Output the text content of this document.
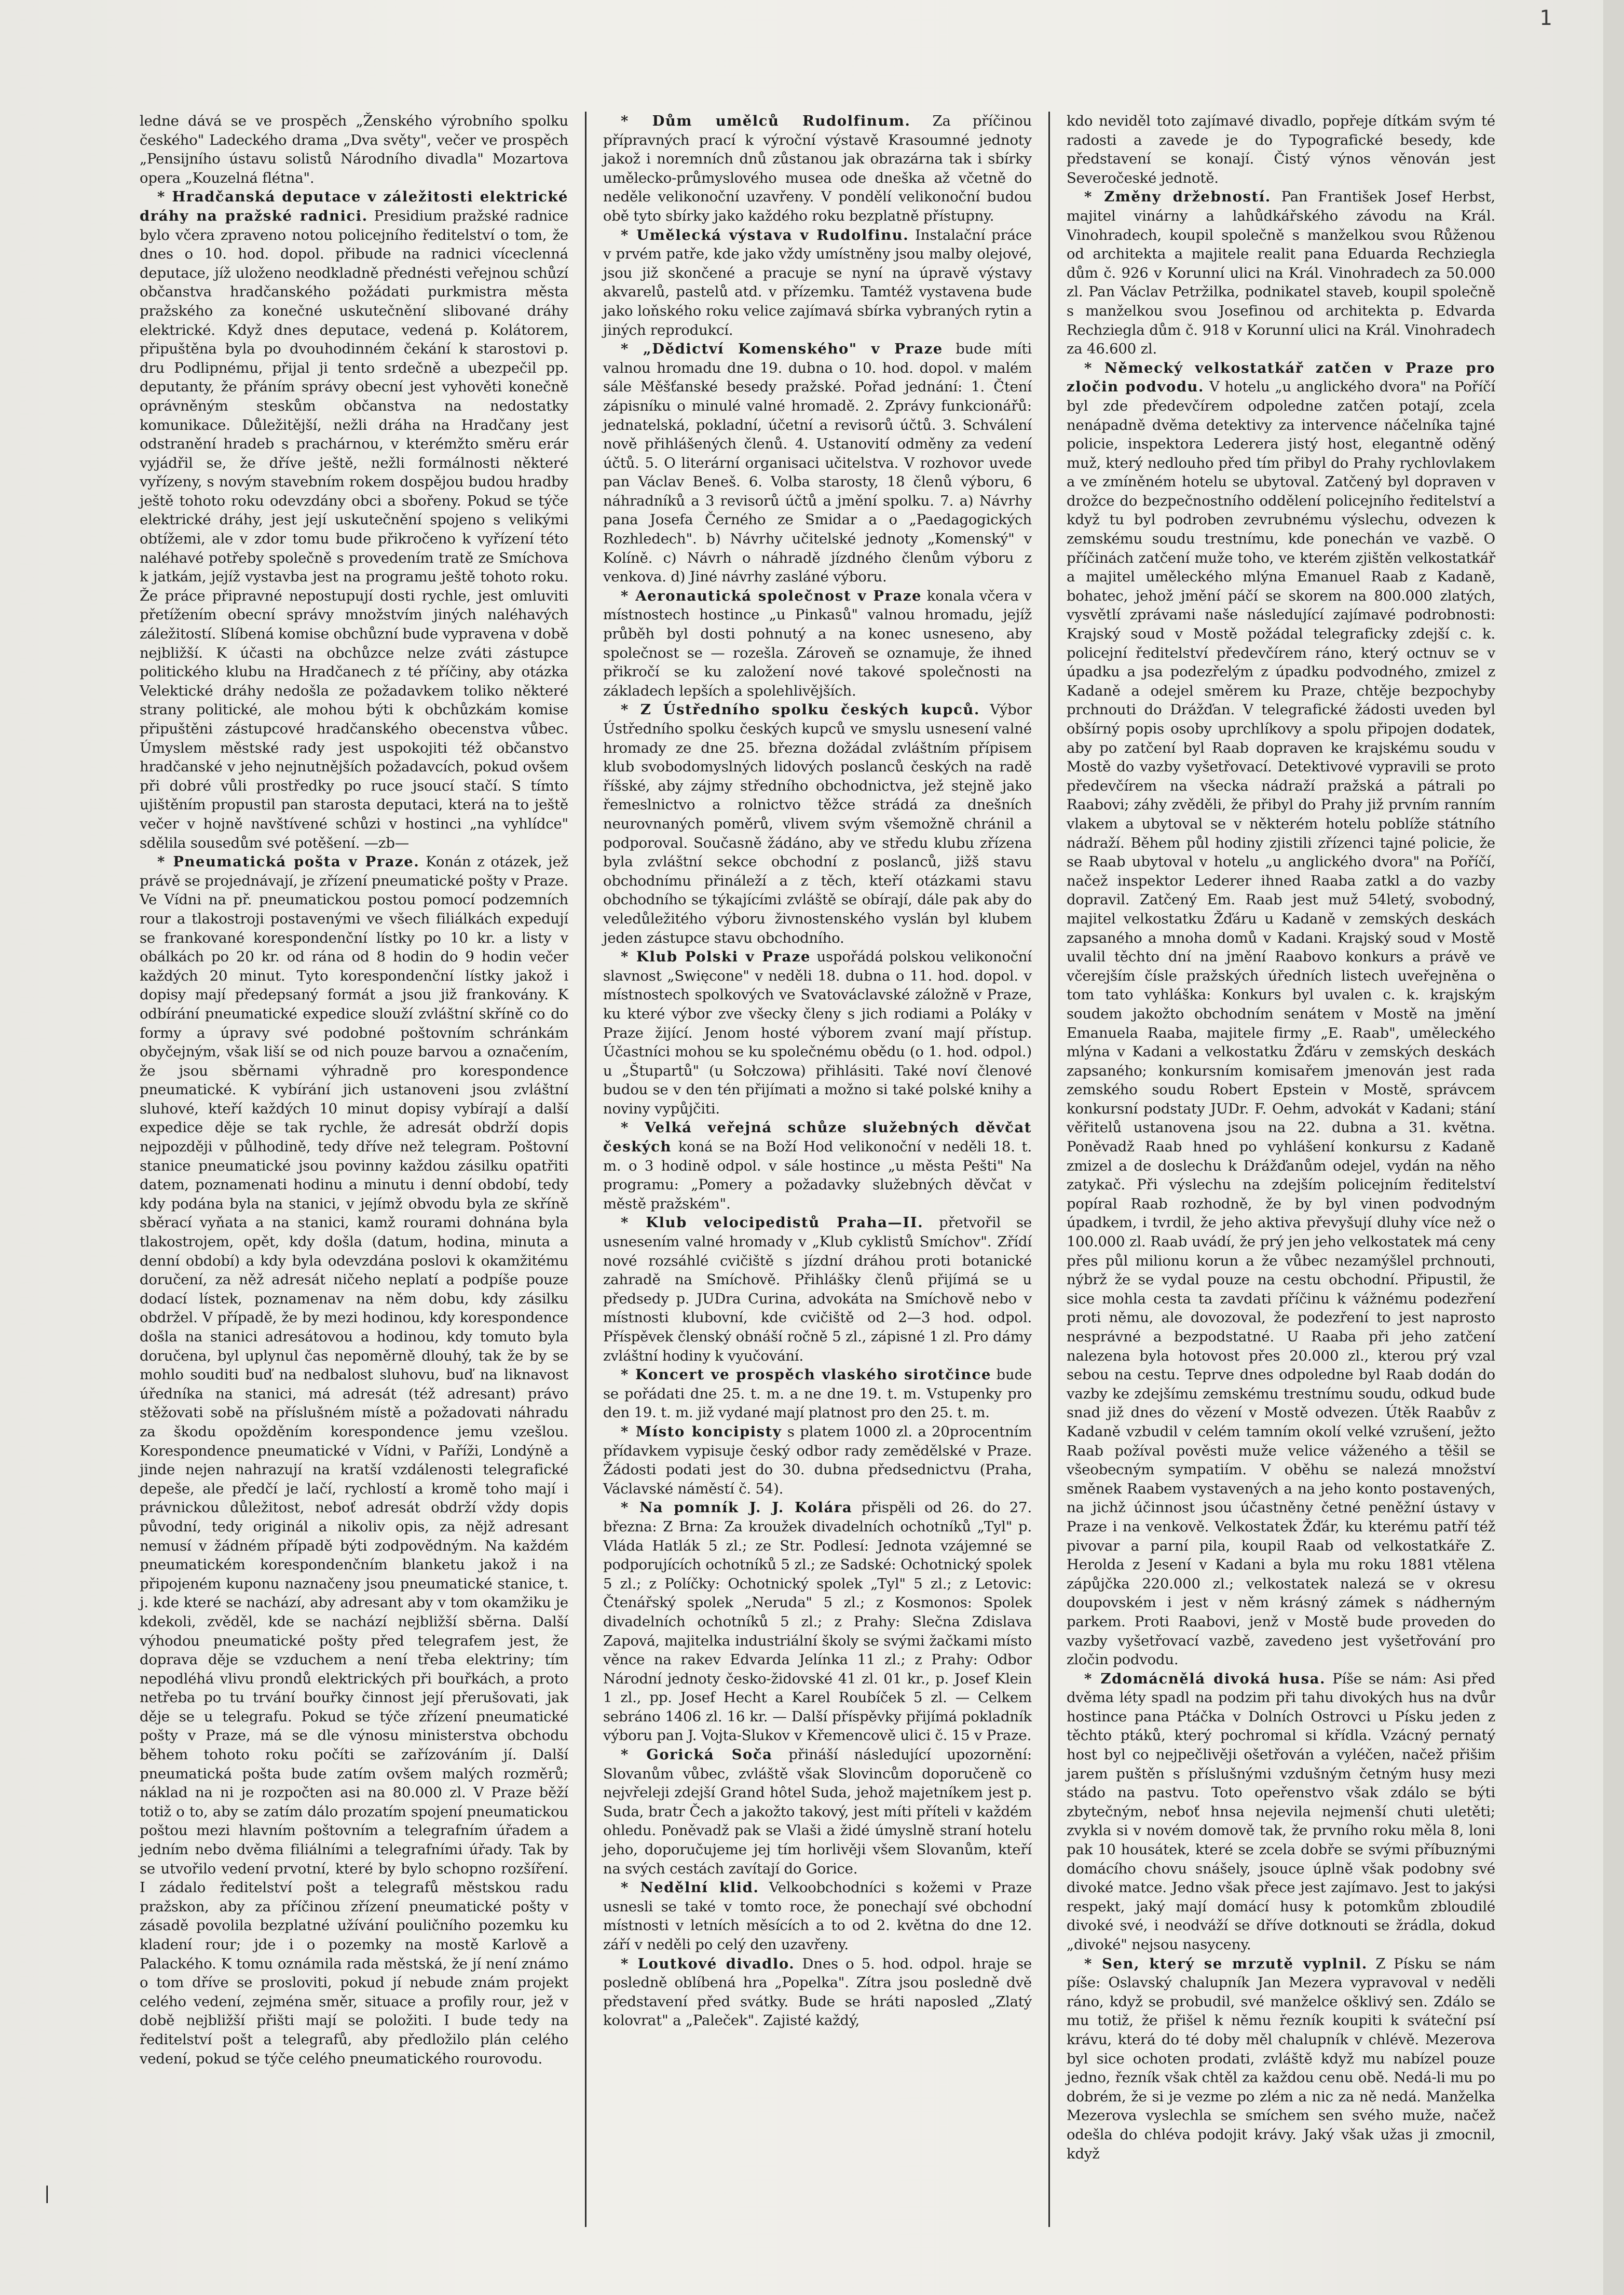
1

ledne dává se ve prospěch „Ženského výrobního spolku českého" Ladeckého drama „Dva světy", večer ve prospěch „Pensijního ústavu solistů Národního divadla" Mozartova opera „Kouzelná flétna".

* Hradčanská deputace v záležitosti elektrické dráhy na pražské radnici. Presidium pražské radnice bylo včera zpraveno notou policejního ředitelství o tom, že dnes o 10. hod. dopol. přibude na radnici víceclenná deputace, jíž uloženo neodkladně přednésti veřejnou schůzí občanstva hradčanského požádati purkmistra města pražského za konečné uskutečnění slibované dráhy elektrické. Když dnes deputace, vedená p. Kolátorem, připuštěna byla po dvouhodinném čekání k starostovi p. dru Podlipnému, přijal ji tento srdečně a ubezpečil pp. deputanty, že přáním správy obecní jest vyhověti konečně oprávněným steskům občanstva na nedostatky komunikace. Důležitější, nežli dráha na Hradčany jest odstranění hradeb s prachárnou, v kterémžto směru erár vyjádřil se, že dříve ještě, nežli formálnosti některé vyřízeny, s novým stavebním rokem dospějou budou hradby ještě tohoto roku odevzdány obci a sbořeny. Pokud se týče elektrické dráhy, jest její uskutečnění spojeno s velikými obtížemi, ale v zdor tomu bude přikročeno k vyřízení této naléhavé potřeby společně s provedením tratě ze Smíchova k jatkám, jejíž vystavba jest na programu ještě tohoto roku. Že práce připravné nepostupují dosti rychle, jest omluviti přetížením obecní správy množstvím jiných naléhavých záležitostí. Slíbená komise obchůzní bude vypravena v době nejbližší. K účasti na obchůzce nelze zváti zástupce politického klubu na Hradčanech z té příčiny, aby otázka Velektické dráhy nedošla ze požadavkem toliko některé strany politické, ale mohou býti k obchůzkám komise připuštěni zástupcové hradčanského obecenstva vůbec. Úmyslem městské rady jest uspokojiti též občanstvo hradčanské v jeho nejnutnějších požadavcích, pokud ovšem při dobré vůli prostředky po ruce jsoucí stačí. S tímto ujištěním propustil pan starosta deputaci, která na to ještě večer v hojně navštívené schůzi v hostinci „na vyhlídce" sdělila sousedům své potěšení. —zb—

* Pneumatická pošta v Praze. Konán z otázek, jež právě se projednávají, je zřízení pneumatické pošty v Praze. Ve Vídni na př. pneumatickou postou pomocí podzemních rour a tlakostroji postavenými ve všech filiálkách expedují se frankované korespondenční lístky po 10 kr. a listy v obálkách po 20 kr. od rána od 8 hodin do 9 hodin večer každých 20 minut. Tyto korespondenční lístky jakož i dopisy mají předepsaný formát a jsou již frankovány. K odbírání pneumatické expedice slouží zvláštní skříně co do formy a úpravy své podobné poštovním schránkám obyčejným, však liší se od nich pouze barvou a označením, že jsou sběrnami výhradně pro korespondence pneumatické. K vybírání jich ustanoveni jsou zvláštní sluhové, kteří každých 10 minut dopisy vybírají a další expedice děje se tak rychle, že adresát obdrží dopis nejpozději v půlhodině, tedy dříve než telegram. Poštovní stanice pneumatické jsou povinny každou zásilku opatřiti datem, poznamenati hodinu a minutu i denní období, tedy kdy podána byla na stanici, v jejímž obvodu byla ze skříně sběrací vyňata a na stanici, kamž rourami dohnána byla tlakostrojem, opět, kdy došla (datum, hodina, minuta a denní období) a kdy byla odevzdána poslovi k okamžitému doručení, za něž adresát ničeho neplatí a podpíše pouze dodací lístek, poznamenav na něm dobu, kdy zásilku obdržel. V případě, že by mezi hodinou, kdy korespondence došla na stanici adresátovou a hodinou, kdy tomuto byla doručena, byl uplynul čas nepoměrně dlouhý, tak že by se mohlo souditi buď na nedbalost sluhovu, buď na liknavost úředníka na stanici, má adresát (též adresant) právo stěžovati sobě na příslušném místě a požadovati náhradu za škodu opožděním korespondence jemu vzešlou. Korespondence pneumatické v Vídni, v Paříži, Londýně a jinde nejen nahrazují na kratší vzdálenosti telegrafické depeše, ale předčí je lačí, rychlostí a kromě toho mají i právnickou důležitost, neboť adresát obdrží vždy dopis původní, tedy originál a nikoliv opis, za nějž adresant nemusí v žádném případě býti zodpovědným. Na každém pneumatickém korespondenčním blanketu jakož i na připojeném kuponu naznačeny jsou pneumatické stanice, t. j. kde které se nachází, aby adresant aby v tom okamžiku je kdekoli, zvěděl, kde se nachází nejbližší sběrna. Další výhodou pneumatické pošty před telegrafem jest, že doprava děje se vzduchem a není třeba elektriny; tím nepodléhá vlivu prondů elektrických při bouřkách, a proto netřeba po tu trvání bouřky činnost její přerušovati, jak děje se u telegrafu. Pokud se týče zřízení pneumatické pošty v Praze, má se dle výnosu ministerstva obchodu během tohoto roku počíti se zařízováním jí. Další pneumatická pošta bude zatím ovšem malých rozměrů; náklad na ni je rozpočten asi na 80.000 zl. V Praze běží totiž o to, aby se zatím dálo prozatím spojení pneumatickou poštou mezi hlavním poštovním a telegrafním úřadem a jedním nebo dvěma filiálními a telegrafními úřady. Tak by se utvořilo vedení prvotní, které by bylo schopno rozšíření. I zádalo ředitelství pošt a telegrafů městskou radu pražskon, aby za příčinou zřízení pneumatické pošty v zásadě povolila bezplatné užívání pouličního pozemku ku kladení rour; jde i o pozemky na mostě Karlově a Palackého. K tomu oznámila rada městská, že jí není známo o tom dříve se prosloviti, pokud jí nebude znám projekt celého vedení, zejména směr, situace a profily rour, jež v době nejbližší přišti mají se položiti. I bude tedy na ředitelství pošt a telegrafů, aby předložilo plán celého vedení, pokud se týče celého pneumatického rourovodu.

* Dům umělců Rudolfinum. Za příčinou přípravných prací k výroční výstavě Krasoumné jednoty jakož i noremních dnů zůstanou jak obrazárna tak i sbírky umělecko-průmyslového musea ode dneška až včetně do neděle velikonoční uzavřeny. V pondělí velikonoční budou obě tyto sbírky jako každého roku bezplatně přístupny.

* Umělecká výstava v Rudolfinu. Instalační práce v prvém patře, kde jako vždy umístněny jsou malby olejové, jsou již skončené a pracuje se nyní na úpravě výstavy akvarelů, pastelů atd. v přízemku. Tamtéž vystavena bude jako loňského roku velice zajímavá sbírka vybraných rytin a jiných reprodukcí.

* „Dědictví Komenského" v Praze bude míti valnou hromadu dne 19. dubna o 10. hod. dopol. v malém sále Měšťanské besedy pražské. Pořad jednání: 1. Čtení zápisníku o minulé valné hromadě. 2. Zprávy funkcionářů: jednatelská, pokladní, účetní a revisorů účtů. 3. Schválení nově přihlášených členů. 4. Ustanovití odměny za vedení účtů. 5. O literární organisaci učitelstva. V rozhovor uvede pan Václav Beneš. 6. Volba starosty, 18 členů výboru, 6 náhradníků a 3 revisorů účtů a jmění spolku. 7. a) Návrhy pana Josefa Černého ze Smidar a o „Paedagogických Rozhledech". b) Návrhy učitelské jednoty „Komenský" v Kolíně. c) Návrh o náhradě jízdného členům výboru z venkova. d) Jiné návrhy zasláné výboru.

* Aeronautická společnost v Praze konala včera v místnostech hostince „u Pinkasů" valnou hromadu, jejíž průběh byl dosti pohnutý a na konec usneseno, aby společnost se — rozešla. Zároveň se oznamuje, že ihned přikročí se ku založení nové takové společnosti na základech lepších a spolehlivějších.

* Z Ústředního spolku českých kupců. Výbor Ústředního spolku českých kupců ve smyslu usnesení valné hromady ze dne 25. března dožádal zvláštním přípisem klub svobodomyslných lidových poslanců českých na radě říšské, aby zájmy středního obchodnictva, jež stejně jako řemeslnictvo a rolnictvo těžce strádá za dnešních neurovnaných poměrů, vlivem svým všemožně chránil a podporoval. Současně žádáno, aby ve středu klubu zřízena byla zvláštní sekce obchodní z poslanců, jižš stavu obchodnímu přináleží a z těch, kteří otázkami stavu obchodního se týkajícími zvláště se obírají, dále pak aby do veledůležitého výboru živnostenského vyslán byl klubem jeden zástupce stavu obchodního.

* Klub Polski v Praze uspořádá polskou velikonoční slavnost „Swięcone" v neděli 18. dubna o 11. hod. dopol. v místnostech spolkových ve Svatováclavské záložně v Praze, ku které výbor zve všecky členy s jich rodiami a Poláky v Praze žijící. Jenom hosté výborem zvaní mají přístup. Účastníci mohou se ku společnému obědu (o 1. hod. odpol.) u „Štupartů" (u Sołczowa) přihlásiti. Také noví členové budou se v den tén přijímati a možno si také polské knihy a noviny vypůjčiti.

* Velká veřejná schůze služebných děvčat českých koná se na Boží Hod velikonoční v neděli 18. t. m. o 3 hodině odpol. v sále hostince „u města Pešti" Na programu: „Pomery a požadavky služebných děvčat v městě pražském".

* Klub velocipedistů Praha—II. přetvořil se usnesením valné hromady v „Klub cyklistů Smíchov". Zřídí nové rozsáhlé cvičiště s jízdní dráhou proti botanické zahradě na Smíchově. Přihlášky členů přijímá se u předsedy p. JUDra Curina, advokáta na Smíchově nebo v místnosti klubovní, kde cvičiště od 2—3 hod. odpol. Příspěvek členský obnáší ročně 5 zl., zápisné 1 zl. Pro dámy zvláštní hodiny k vyučování.

* Koncert ve prospěch vlaského sirotčince bude se pořádati dne 25. t. m. a ne dne 19. t. m. Vstupenky pro den 19. t. m. již vydané mají platnost pro den 25. t. m.

* Místo koncipisty s platem 1000 zl. a 20procentním přídavkem vypisuje český odbor rady zemědělské v Praze. Žádosti podati jest do 30. dubna předsednictvu (Praha, Václavské náměstí č. 54).

* Na pomník J. J. Kolára přispěli od 26. do 27. března: Z Brna: Za kroužek divadelních ochotníků „Tyl" p. Vláda Hatlák 5 zl.; ze Str. Podlesí: Jednota vzájemné se podporujících ochotníků 5 zl.; ze Sadské: Ochotnický spolek 5 zl.; z Políčky: Ochotnický spolek „Tyl" 5 zl.; z Letovic: Čtenářský spolek „Neruda" 5 zl.; z Kosmonos: Spolek divadelních ochotníků 5 zl.; z Prahy: Slečna Zdislava Zapová, majitelka industriální školy se svými žačkami místo věnce na rakev Edvarda Jelínka 11 zl.; z Prahy: Odbor Národní jednoty česko-židovské 41 zl. 01 kr., p. Josef Klein 1 zl., pp. Josef Hecht a Karel Roubíček 5 zl. — Celkem sebráno 1406 zl. 16 kr. — Další příspěvky přijímá pokladník výboru pan J. Vojta-Slukov v Křemencově ulici č. 15 v Praze.

* Gorická Soča přináší následující upozornění: Slovanům vůbec, zvláště však Slovincům doporučeně co nejvřeleji zdejší Grand hôtel Suda, jehož majetníkem jest p. Suda, bratr Čech a jakožto takový, jest míti příteli v každém ohledu. Poněvadž pak se Vlaši a židé úmyslně straní hotelu jeho, doporučujeme jej tím horlivěji všem Slovanům, kteří na svých cestách zavítají do Gorice.

* Nedělní klid. Velkoobchodníci s kožemi v Praze usnesli se také v tomto roce, že ponechají své obchodní místnosti v letních měsících a to od 2. května do dne 12. září v neděli po celý den uzavřeny.

* Loutkové divadlo. Dnes o 5. hod. odpol. hraje se posledně oblíbená hra „Popelka". Zítra jsou posledně dvě představení před svátky. Bude se hráti naposled „Zlatý kolovrat" a „Paleček". Zajisté každý,

kdo neviděl toto zajímavé divadlo, popřeje dítkám svým té radosti a zavede je do Typografické besedy, kde představení se konají. Čistý výnos věnován jest Severočeské jednotě.

* Změny držebností. Pan František Josef Herbst, majitel vinárny a lahůdkářského závodu na Král. Vinohradech, koupil společně s manželkou svou Růženou od architekta a majitele realit pana Eduarda Rechziegla dům č. 926 v Korunní ulici na Král. Vinohradech za 50.000 zl. Pan Václav Petržilka, podnikatel staveb, koupil společně s manželkou svou Josefinou od architekta p. Edvarda Rechziegla dům č. 918 v Korunní ulici na Král. Vinohradech za 46.600 zl.

* Německý velkostatkář zatčen v Praze pro zločin podvodu. V hotelu „u anglického dvora" na Poříčí byl zde předevčírem odpoledne zatčen potají, zcela nenápadně dvěma detektivy za intervence náčelníka tajné policie, inspektora Lederera jistý host, elegantně oděný muž, který nedlouho před tím přibyl do Prahy rychlovlakem a ve zmíněném hotelu se ubytoval. Zatčený byl dopraven v drožce do bezpečnostního oddělení policejního ředitelství a když tu byl podroben zevrubnému výslechu, odvezen k zemskému soudu trestnímu, kde ponechán ve vazbě. O příčinách zatčení muže toho, ve kterém zjištěn velkostatkář a majitel uměleckého mlýna Emanuel Raab z Kadaně, bohatec, jehož jmění páčí se skorem na 800.000 zlatých, vysvětlí zprávami naše následující zajímavé podrobnosti: Krajský soud v Mostě požádal telegraficky zdejší c. k. policejní ředitelství předevčírem ráno, který octnuv se v úpadku a jsa podezřelým z úpadku podvodného, zmizel z Kadaně a odejel směrem ku Praze, chtěje bezpochyby prchnouti do Drážďan. V telegrafické žádosti uveden byl obšírný popis osoby uprchlíkovy a spolu připojen dodatek, aby po zatčení byl Raab dopraven ke krajskému soudu v Mostě do vazby vyšetřovací. Detektivové vypravili se proto předevčírem na všecka nádraží pražská a pátrali po Raabovi; záhy zvěděli, že přibyl do Prahy již prvním ranním vlakem a ubytoval se v některém hotelu poblíže státního nádraží. Během půl hodiny zjistili zřízenci tajné policie, že se Raab ubytoval v hotelu „u anglického dvora" na Poříčí, načež inspektor Lederer ihned Raaba zatkl a do vazby dopravil. Zatčený Em. Raab jest muž 54letý, svobodný, majitel velkostatku Žďáru u Kadaně v zemských deskách zapsaného a mnoha domů v Kadani. Krajský soud v Mostě uvalil těchto dní na jmění Raabovo konkurs a právě ve včerejším čísle pražských úředních listech uveřejněna o tom tato vyhláška: Konkurs byl uvalen c. k. krajským soudem jakožto obchodním senátem v Mostě na jmění Emanuela Raaba, majitele firmy „E. Raab", uměleckého mlýna v Kadani a velkostatku Žďáru v zemských deskách zapsaného; konkursním komisařem jmenován jest rada zemského soudu Robert Epstein v Mostě, správcem konkursní podstaty JUDr. F. Oehm, advokát v Kadani; stání věřitelů ustanovena jsou na 22. dubna a 31. května. Poněvadž Raab hned po vyhlášení konkursu z Kadaně zmizel a de doslechu k Drážďanům odejel, vydán na něho zatykač. Při výslechu na zdejším policejním ředitelství popíral Raab rozhodně, že by byl vinen podvodným úpadkem, i tvrdil, že jeho aktiva převyšují dluhy více než o 100.000 zl. Raab uvádí, že prý jen jeho velkostatek má ceny přes půl milionu korun a že vůbec nezamýšlel prchnouti, nýbrž že se vydal pouze na cestu obchodní. Připustil, že sice mohla cesta ta zavdati příčinu k vážnému podezření proti němu, ale dovozoval, že podezření to jest naprosto nesprávné a bezpodstatné. U Raaba při jeho zatčení nalezena byla hotovost přes 20.000 zl., kterou prý vzal sebou na cestu. Teprve dnes odpoledne byl Raab dodán do vazby ke zdejšímu zemskému trestnímu soudu, odkud bude snad již dnes do vězení v Mostě odvezen. Útěk Raabův z Kadaně vzbudil v celém tamním okolí velké vzrušení, ježto Raab požíval pověsti muže velice váženého a těšil se všeobecným sympatiím. V oběhu se nalezá množství směnek Raabem vystavených a na jeho konto postavených, na jichž účinnost jsou účastněny četné peněžní ústavy v Praze i na venkově. Velkostatek Žďár, ku kterému patří též pivovar a parní pila, koupil Raab od velkostatkáře Z. Herolda z Jesení v Kadani a byla mu roku 1881 vtělena zápůjčka 220.000 zl.; velkostatek nalezá se v okresu doupovském i jest v něm krásný zámek s nádherným parkem. Proti Raabovi, jenž v Mostě bude proveden do vazby vyšetřovací vazbě, zavedeno jest vyšetřování pro zločin podvodu.

* Zdomácnělá divoká husa. Píše se nám: Asi před dvěma léty spadl na podzim při tahu divokých hus na dvůr hostince pana Ptáčka v Dolních Ostrovci u Písku jeden z těchto ptáků, který pochromal si křídla. Vzácný pernatý host byl co nejpečlivěji ošetřován a vyléčen, načež přišim jarem puštěn s příslušnými vzdušným četným husy mezi stádo na pastvu. Toto opeřenstvo však zdálo se býti zbytečným, neboť hnsa nejevila nejmenší chuti uletěti; zvykla si v novém domově tak, že prvního roku měla 8, loni pak 10 housátek, které se zcela dobře se svými příbuznými domácího chovu snášely, jsouce úplně však podobny své divoké matce. Jedno však přece jest zajímavo. Jest to jakýsi respekt, jaký mají domácí husy k potomkům zbloudilé divoké své, i neodváží se dříve dotknouti se žrádla, dokud „divoké" nejsou nasyceny.

* Sen, který se mrzutě vyplnil. Z Písku se nám píše: Oslavský chalupník Jan Mezera vypravoval v neděli ráno, když se probudil, své manželce ošklivý sen. Zdálo se mu totiž, že přišel k němu řezník koupiti k sváteční psí krávu, která do té doby měl chalupník v chlévě. Mezerova byl sice ochoten prodati, zvláště když mu nabízel pouze jedno, řezník však chtěl za každou cenu obě. Nedá-li mu po dobrém, že si je vezme po zlém a nic za ně nedá. Manželka Mezerova vyslechla se smíchem sen svého muže, načež odešla do chléva podojit krávy. Jaký však užas ji zmocnil, když

|
